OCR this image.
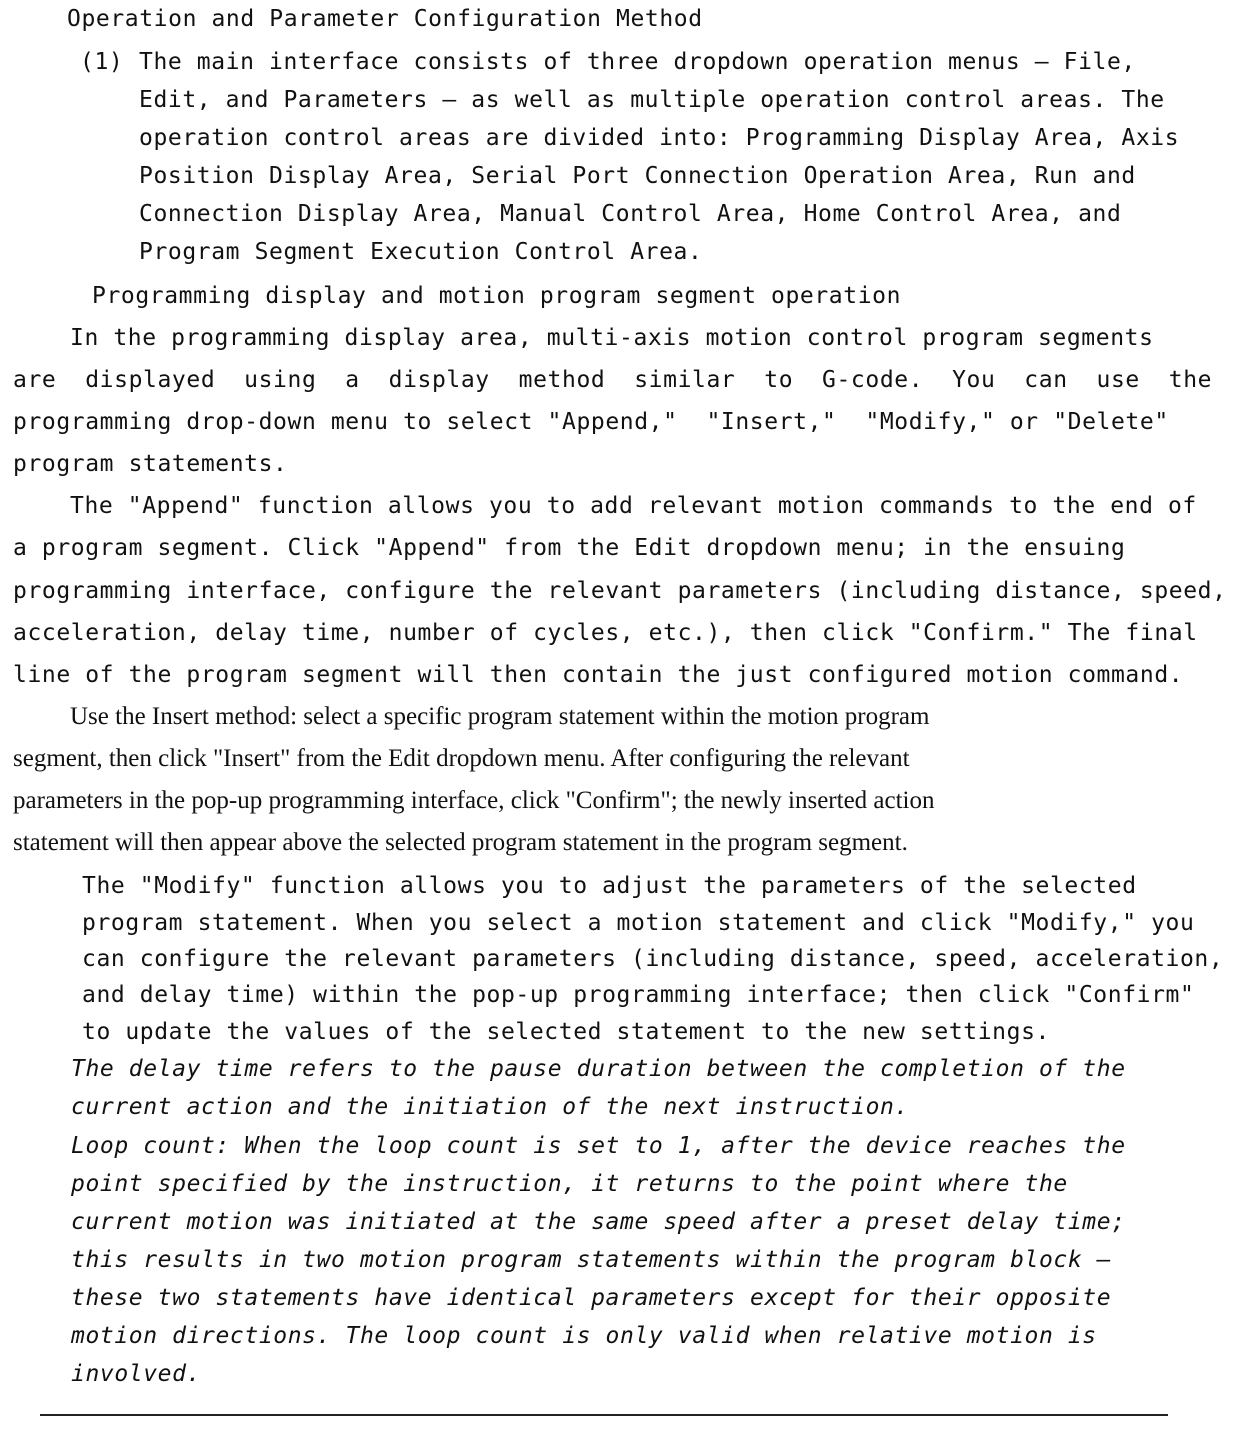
Operation and Parameter Configuration Method

(1) The main interface consists of three dropdown operation menus – File,

Edit, and Parameters – as well as multiple operation control areas. The

operation control areas are divided into: Programming Display Area, Axis

Position Display Area, Serial Port Connection Operation Area, Run and

Connection Display Area, Manual Control Area, Home Control Area, and

Program Segment Execution Control Area.

Programming display and motion program segment operation

In the programming display area, multi-axis motion control program segments

are  displayed  using  a  display  method  similar  to  G-code.  You  can  use  the

programming drop-down menu to select "Append,"  "Insert,"  "Modify," or "Delete"

program statements.

The "Append" function allows you to add relevant motion commands to the end of

a program segment. Click "Append" from the Edit dropdown menu; in the ensuing

programming interface, configure the relevant parameters (including distance, speed,

acceleration, delay time, number of cycles, etc.), then click "Confirm." The final

line of the program segment will then contain the just configured motion command.

Use the Insert method: select a specific program statement within the motion program

segment, then click "Insert" from the Edit dropdown menu. After configuring the relevant

parameters in the pop-up programming interface, click "Confirm"; the newly inserted action

statement will then appear above the selected program statement in the program segment.

The "Modify" function allows you to adjust the parameters of the selected

program statement. When you select a motion statement and click "Modify," you

can configure the relevant parameters (including distance, speed, acceleration,

and delay time) within the pop-up programming interface; then click "Confirm"

to update the values of the selected statement to the new settings.

The delay time refers to the pause duration between the completion of the

current action and the initiation of the next instruction.

Loop count: When the loop count is set to 1, after the device reaches the

point specified by the instruction, it returns to the point where the

current motion was initiated at the same speed after a preset delay time;

this results in two motion program statements within the program block –

these two statements have identical parameters except for their opposite

motion directions. The loop count is only valid when relative motion is

involved.
